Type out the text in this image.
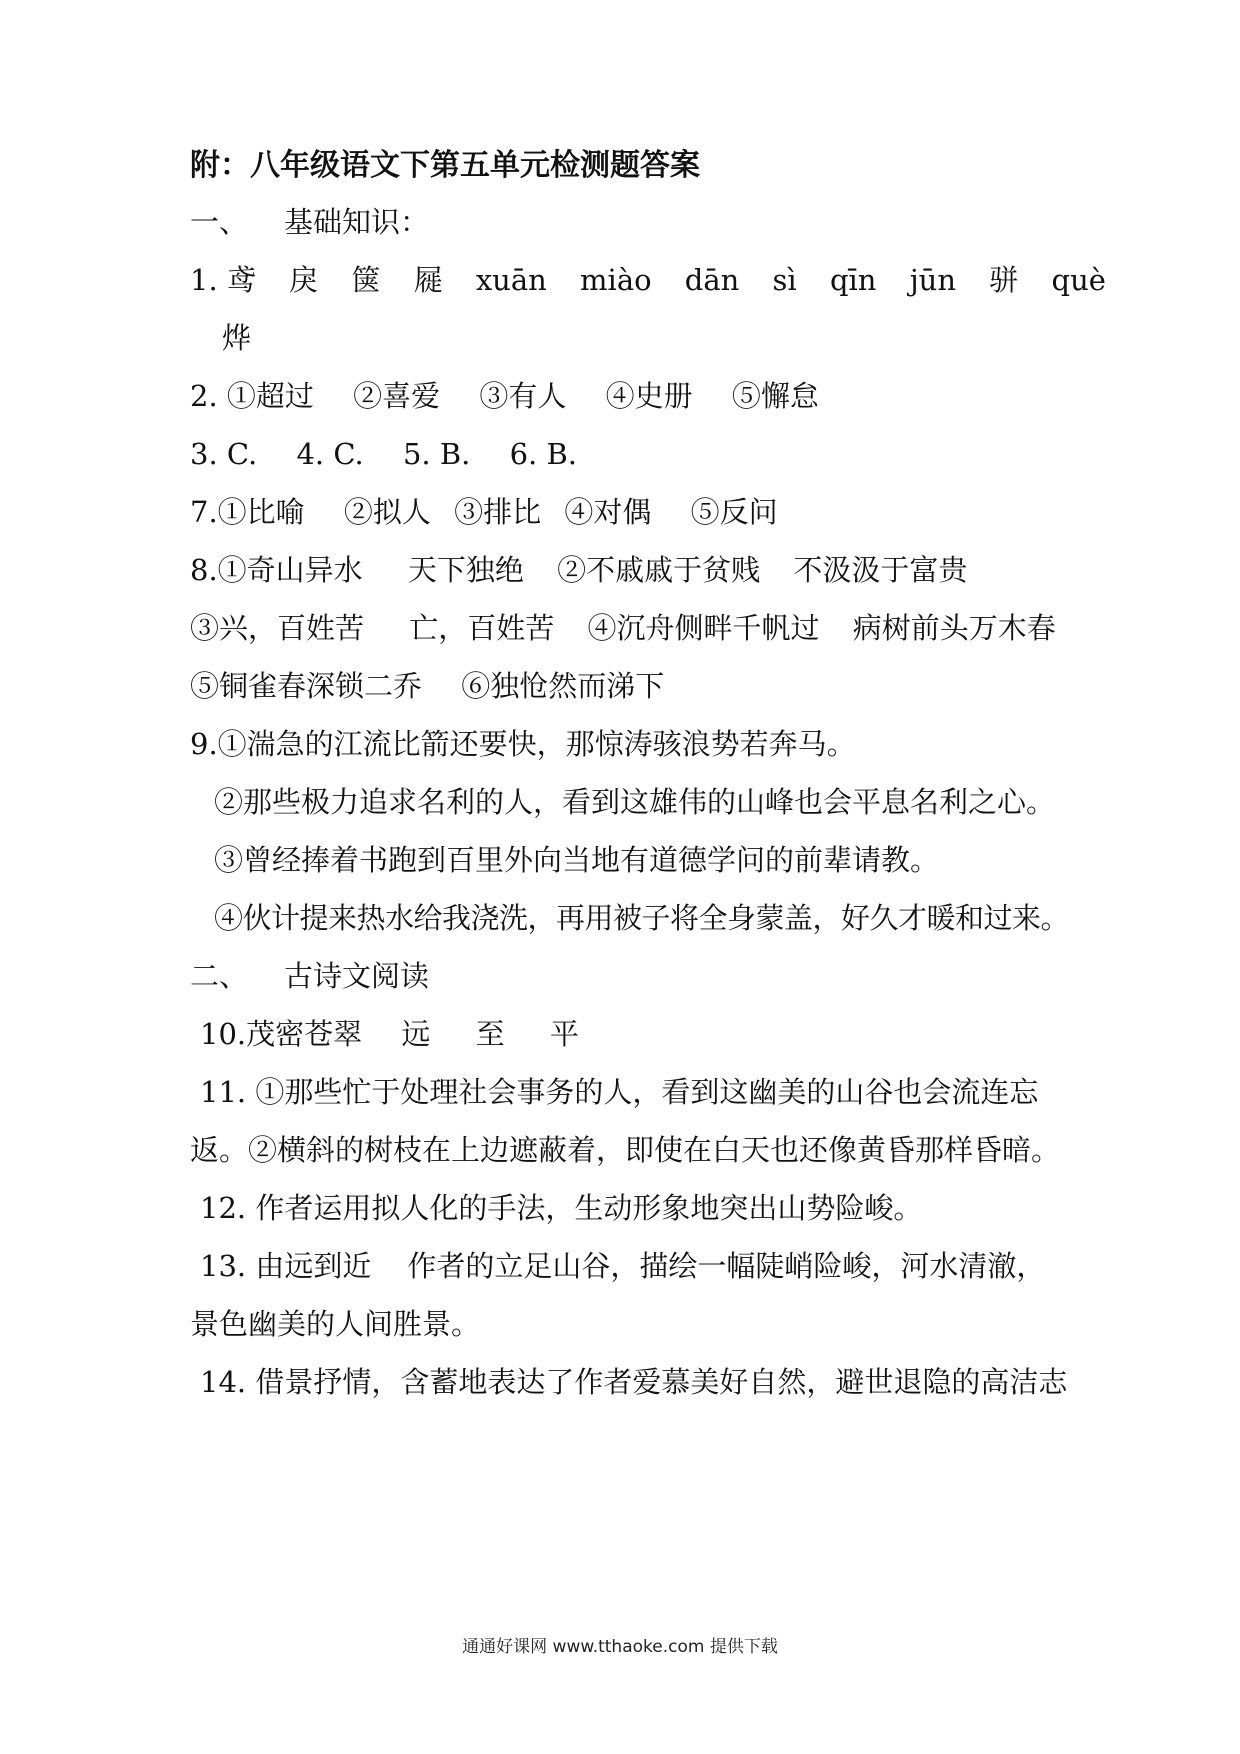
附：八年级语文下第五单元检测题答案
一、 基础知识：
1. 鸢 戾 箧 屣 xuān miào dān sì qīn jūn 骈 què
烨
2. ①超过 ②喜爱 ③有人 ④史册 ⑤懈怠
3. C. 4. C. 5. B. 6. B.
7.①比喻 ②拟人 ③排比 ④对偶 ⑤反问
8.①奇山异水 天下独绝 ②不戚戚于贫贱 不汲汲于富贵
③兴，百姓苦 亡，百姓苦 ④沉舟侧畔千帆过 病树前头万木春
⑤铜雀春深锁二乔 ⑥独怆然而涕下
9.①湍急的江流比箭还要快，那惊涛骇浪势若奔马。
②那些极力追求名利的人，看到这雄伟的山峰也会平息名利之心。
③曾经捧着书跑到百里外向当地有道德学问的前辈请教。
④伙计提来热水给我浇洗，再用被子将全身蒙盖，好久才暖和过来。
二、 古诗文阅读
10.茂密苍翠 远 至 平
11. ①那些忙于处理社会事务的人，看到这幽美的山谷也会流连忘
返。②横斜的树枝在上边遮蔽着，即使在白天也还像黄昏那样昏暗。
12. 作者运用拟人化的手法，生动形象地突出山势险峻。
13. 由远到近 作者的立足山谷，描绘一幅陡峭险峻，河水清澈，
景色幽美的人间胜景。
14. 借景抒情，含蓄地表达了作者爱慕美好自然，避世退隐的高洁志
通通好课网 www.tthaoke.com 提供下载
